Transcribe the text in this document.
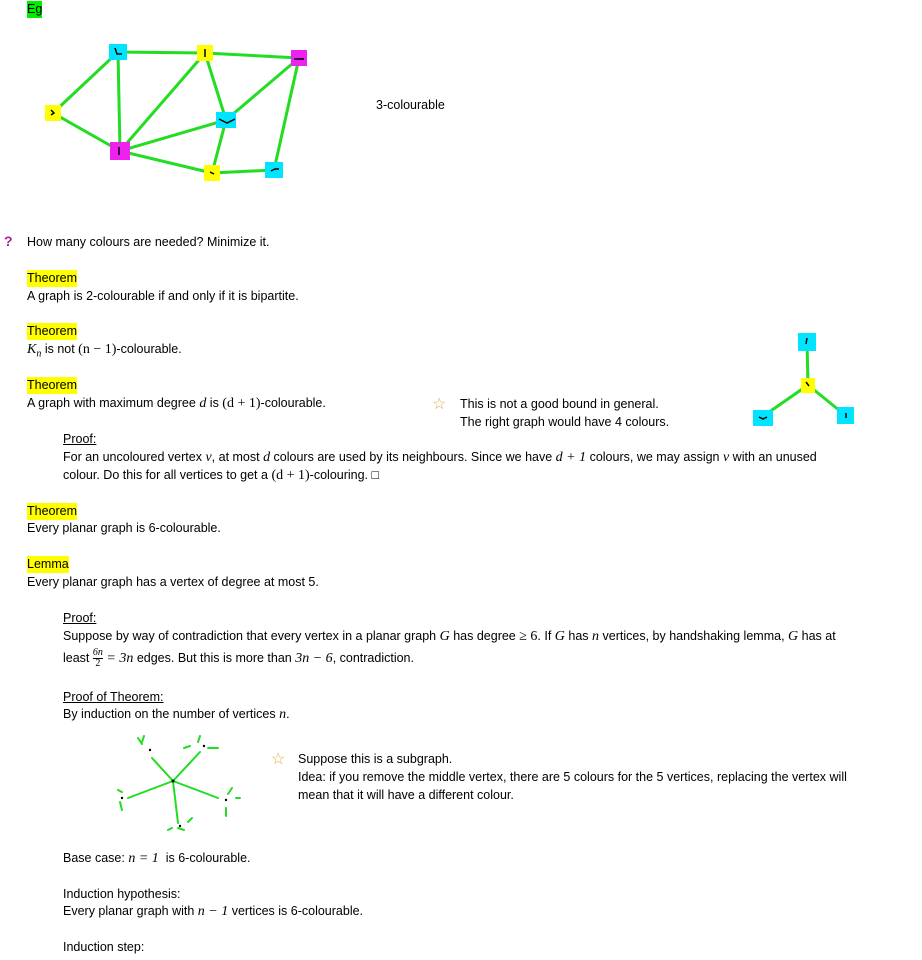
Eg
3-colourable
? How many colours are needed? Minimize it.
Theorem
A graph is 2-colourable if and only if it is bipartite.
Theorem
$K_n$ is not (n − 1)-colourable.
Theorem
A graph with maximum degree d is (d + 1)-colourable.	☆ This is not a good bound in general.
The right graph would have 4 colours.
Proof:
For an uncoloured vertex v, at most d colours are used by its neighbours. Since we have d + 1 colours, we may assign v with an unused
colour. Do this for all vertices to get a (d + 1)-colouring. □
Theorem
Every planar graph is 6-colourable.
Lemma
Every planar graph has a vertex of degree at most 5.
Proof:
Suppose by way of contradiction that every vertex in a planar graph G has degree ≥ 6. If G has n vertices, by handshaking lemma, G has at
least $\frac{6n}{2} = 3n$ edges. But this is more than 3n − 6, contradiction.
Proof of Theorem:
By induction on the number of vertices n.
☆ Suppose this is a subgraph.
Idea: if you remove the middle vertex, there are 5 colours for the 5 vertices, replacing the vertex will
mean that it will have a different colour.
Base case: n = 1  is 6-colourable.
Induction hypothesis:
Every planar graph with n − 1 vertices is 6-colourable.
Induction step:
